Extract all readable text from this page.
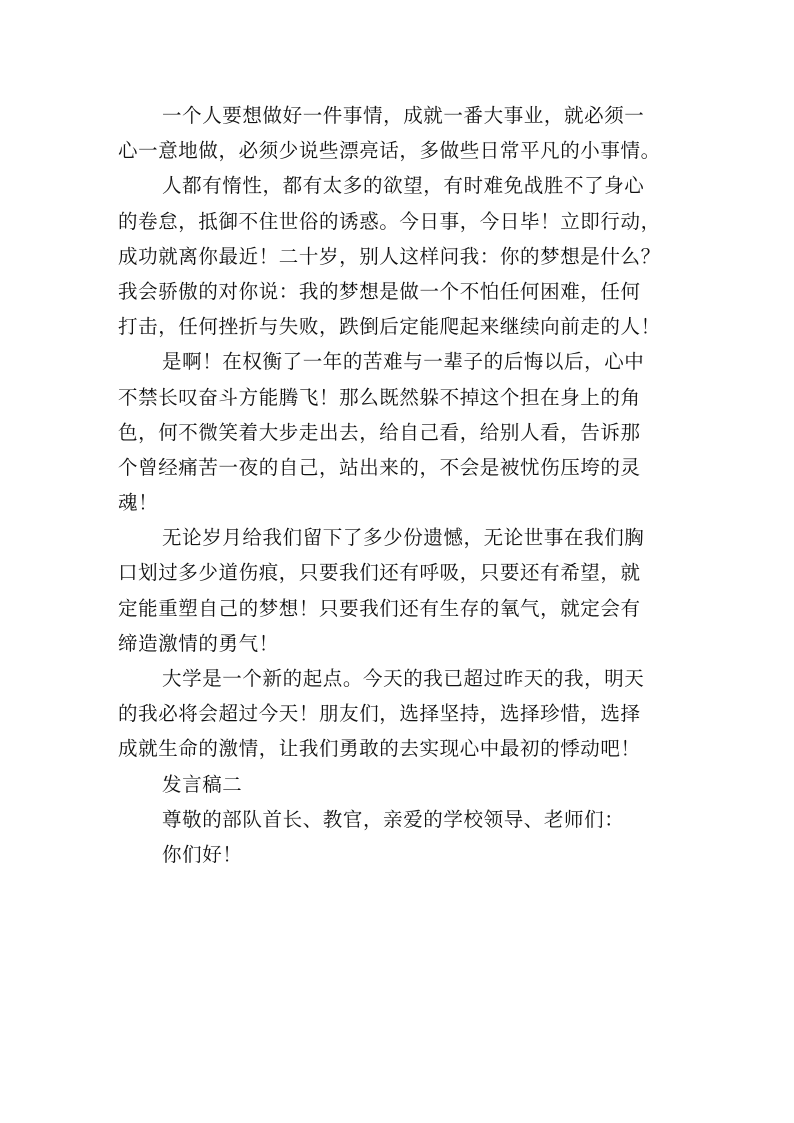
一个人要想做好一件事情，成就一番大事业，就必须一
心一意地做，必须少说些漂亮话，多做些日常平凡的小事情。
人都有惰性，都有太多的欲望，有时难免战胜不了身心
的卷怠，抵御不住世俗的诱惑。今日事，今日毕！立即行动，
成功就离你最近！二十岁，别人这样问我：你的梦想是什么？
我会骄傲的对你说：我的梦想是做一个不怕任何困难，任何
打击，任何挫折与失败，跌倒后定能爬起来继续向前走的人！
是啊！在权衡了一年的苦难与一辈子的后悔以后，心中
不禁长叹奋斗方能腾飞！那么既然躲不掉这个担在身上的角
色，何不微笑着大步走出去，给自己看，给别人看，告诉那
个曾经痛苦一夜的自己，站出来的，不会是被忧伤压垮的灵
魂！
无论岁月给我们留下了多少份遗憾，无论世事在我们胸
口划过多少道伤痕，只要我们还有呼吸，只要还有希望，就
定能重塑自己的梦想！只要我们还有生存的氧气，就定会有
缔造激情的勇气！
大学是一个新的起点。今天的我已超过昨天的我，明天
的我必将会超过今天！朋友们，选择坚持，选择珍惜，选择
成就生命的激情，让我们勇敢的去实现心中最初的悸动吧！
发言稿二
尊敬的部队首长、教官，亲爱的学校领导、老师们：
你们好！
